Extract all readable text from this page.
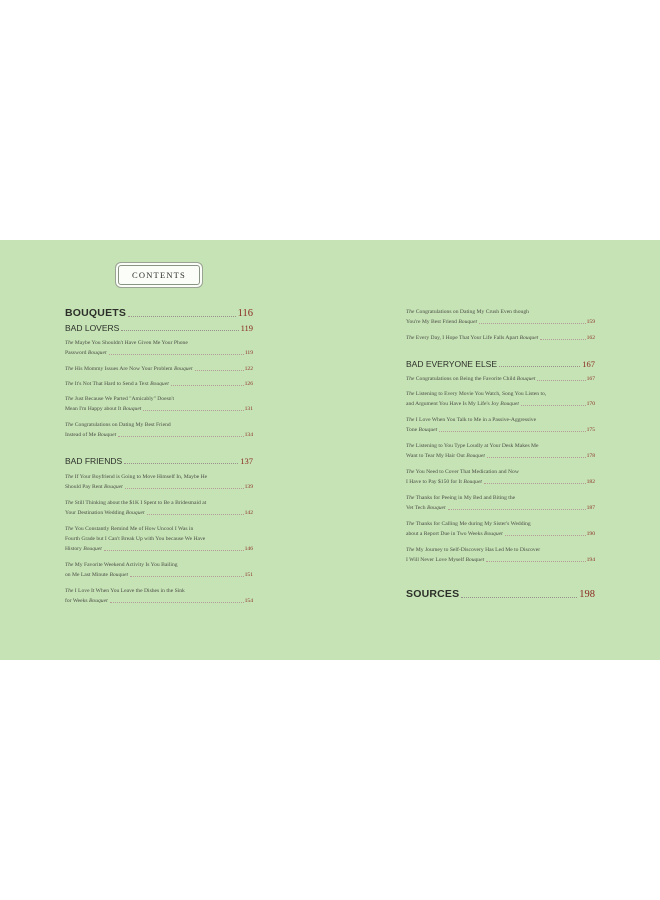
CONTENTS
BOUQUETS	116
BAD LOVERS	119
The Maybe You Shouldn't Have Given Me Your Phone
Password Bouquet	119
The His Mommy Issues Are Now Your Problem Bouquet	122
The It's Not That Hard to Send a Text Bouquet	126
The Just Because We Parted "Amicably" Doesn't
Mean I'm Happy about It Bouquet	131
The Congratulations on Dating My Best Friend
Instead of Me Bouquet	134
BAD FRIENDS	137
The If Your Boyfriend is Going to Move Himself In, Maybe He
Should Pay Rent Bouquet	139
The Still Thinking about the $1K I Spent to Be a Bridesmaid at
Your Destination Wedding Bouquet	142
The You Constantly Remind Me of How Uncool I Was in
Fourth Grade but I Can't Break Up with You because We Have
History Bouquet	146
The My Favorite Weekend Activity Is You Bailing
on Me Last Minute Bouquet	151
The I Love It When You Leave the Dishes in the Sink
for Weeks Bouquet	154
The Congratulations on Dating My Crush Even though
You're My Best Friend Bouquet	159
The Every Day, I Hope That Your Life Falls Apart Bouquet	162
BAD EVERYONE ELSE	167
The Congratulations on Being the Favorite Child Bouquet	167
The Listening to Every Movie You Watch, Song You Listen to,
and Argument You Have Is My Life's Joy Bouquet	170
The I Love When You Talk to Me in a Passive-Aggressive
Tone Bouquet	175
The Listening to You Type Loudly at Your Desk Makes Me
Want to Tear My Hair Out Bouquet	178
The You Need to Cover That Medication and Now
I Have to Pay $150 for It Bouquet	182
The Thanks for Peeing in My Bed and Biting the
Vet Tech Bouquet	187
The Thanks for Calling Me during My Sister's Wedding
about a Report Due in Two Weeks Bouquet	190
The My Journey to Self-Discovery Has Led Me to Discover
I Will Never Love Myself Bouquet	194
SOURCES	198
